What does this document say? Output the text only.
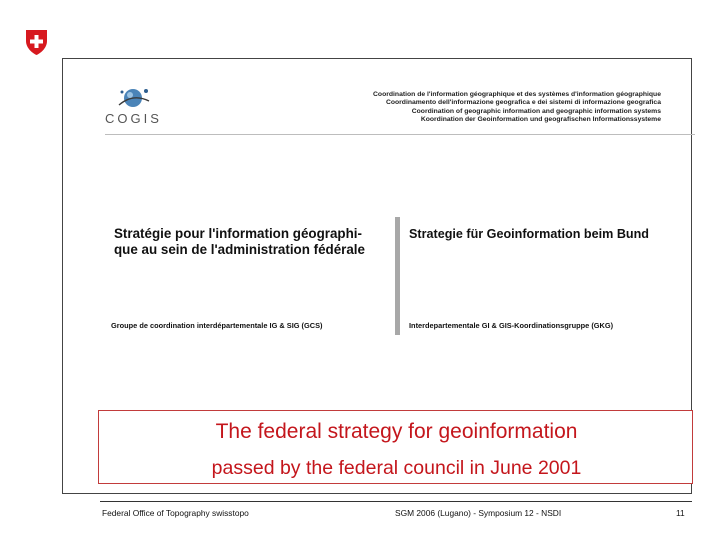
COGIS
Coordination de l'information géographique et des systèmes d'information géographique
Coordinamento dell'informazione geografica e dei sistemi di informazione geografica
Coordination of geographic information and geographic information systems
Koordination der Geoinformation und geografischen Informationssysteme
Stratégie pour l'information géographi-
que au sein de l'administration fédérale
Strategie für Geoinformation beim Bund
Groupe de coordination interdépartementale IG & SIG (GCS)	Interdepartementale GI & GIS-Koordinationsgruppe (GKG)
The federal strategy for geoinformation
passed by the federal council in June 2001
Federal Office of Topography swisstopo	SGM 2006 (Lugano) - Symposium 12 - NSDI	11
